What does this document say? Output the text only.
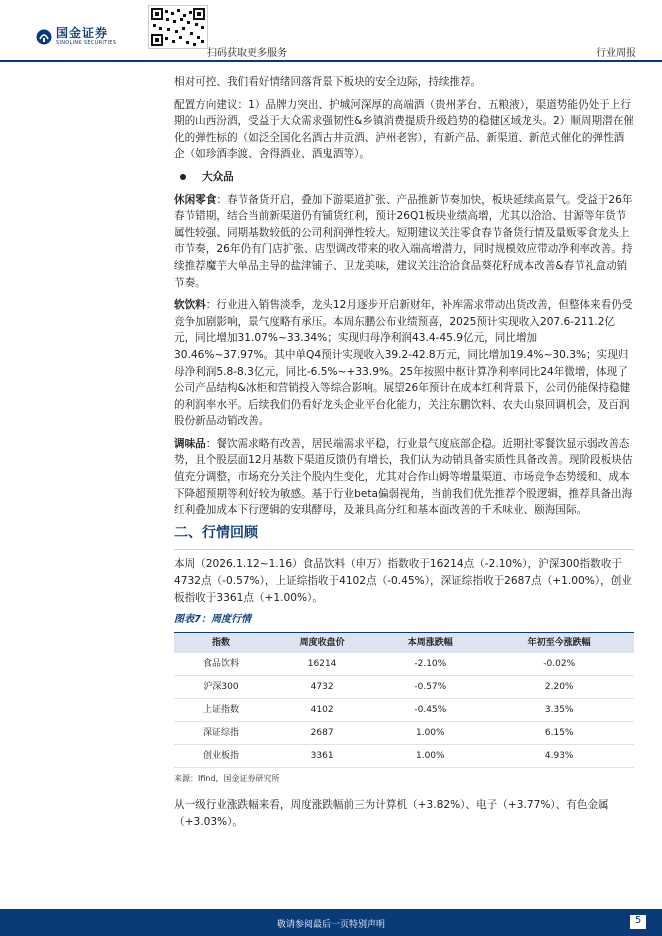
国金证券
SINOLINK SECURITIES
扫码获取更多服务	行业周报

相对可控、我们看好情绪回落背景下板块的安全边际，持续推荐。

配置方向建议：1）品牌力突出、护城河深厚的高端酒（贵州茅台、五粮液），渠道势能仍处于上行期的山西汾酒，受益于大众需求强韧性&乡镇消费提质升级趋势的稳健区域龙头。2）顺周期潜在催化的弹性标的（如泛全国化名酒古井贡酒、泸州老窖），有新产品、新渠道、新范式催化的弹性酒企（如珍酒李渡、舍得酒业、酒鬼酒等）。

大众品

休闲零食：春节备货开启，叠加下游渠道扩张、产品推新节奏加快，板块延续高景气。受益于26年春节错期，结合当前新渠道仍有铺货红利，预计26Q1板块业绩高增，尤其以洽洽、甘源等年货节属性较强、同期基数较低的公司利润弹性较大。短期建议关注零食春节备货行情及量贩零食龙头上市节奏，26年仍有门店扩张、店型调改带来的收入端高增潜力，同时规模效应带动净利率改善。持续推荐魔芋大单品主导的盐津铺子、卫龙美味，建议关注洽洽食品葵花籽成本改善&春节礼盒动销节奏。

软饮料：行业进入销售淡季，龙头12月逐步开启新财年，补库需求带动出货改善，但整体来看仍受竞争加剧影响，景气度略有承压。本周东鹏公布业绩预喜，2025预计实现收入207.6-211.2亿元，同比增加31.07%~33.34%；实现归母净利润43.4-45.9亿元，同比增加30.46%~37.97%。其中单Q4预计实现收入39.2-42.8万元，同比增加19.4%~30.3%；实现归母净利润5.8-8.3亿元，同比-6.5%~+33.9%。25年按照中枢计算净利率同比24年微增，体现了公司产品结构&冰柜和营销投入等综合影响。展望26年预计在成本红利背景下，公司仍能保持稳健的利润率水平。后续我们仍看好龙头企业平台化能力，关注东鹏饮料、农夫山泉回调机会，及百润股份新品动销改善。

调味品：餐饮需求略有改善，居民端需求平稳，行业景气度底部企稳。近期社零餐饮显示弱改善态势，且个股层面12月基数下渠道反馈仍有增长，我们认为动销具备实质性具备改善。现阶段板块估值充分调整，市场充分关注个股内生变化，尤其对合作山姆等增量渠道、市场竞争态势缓和、成本下降超预期等利好较为敏感。基于行业beta偏弱视角，当前我们优先推荐个股逻辑，推荐具备出海红利叠加成本下行逻辑的安琪酵母，及兼具高分红和基本面改善的千禾味业、颐海国际。

二、行情回顾

本周（2026.1.12~1.16）食品饮料（申万）指数收于16214点（-2.10%），沪深300指数收于4732点（-0.57%），上证综指收于4102点（-0.45%），深证综指收于2687点（+1.00%），创业板指收于3361点（+1.00%）。

图表7：周度行情
指数	周度收盘价	本周涨跌幅	年初至今涨跌幅
食品饮料	16214	-2.10%	-0.02%
沪深300	4732	-0.57%	2.20%
上证指数	4102	-0.45%	3.35%
深证综指	2687	1.00%	6.15%
创业板指	3361	1.00%	4.93%
来源：Ifind，国金证券研究所

从一级行业涨跌幅来看，周度涨跌幅前三为计算机（+3.82%）、电子（+3.77%）、有色金属（+3.03%）。

敬请参阅最后一页特别声明	5
